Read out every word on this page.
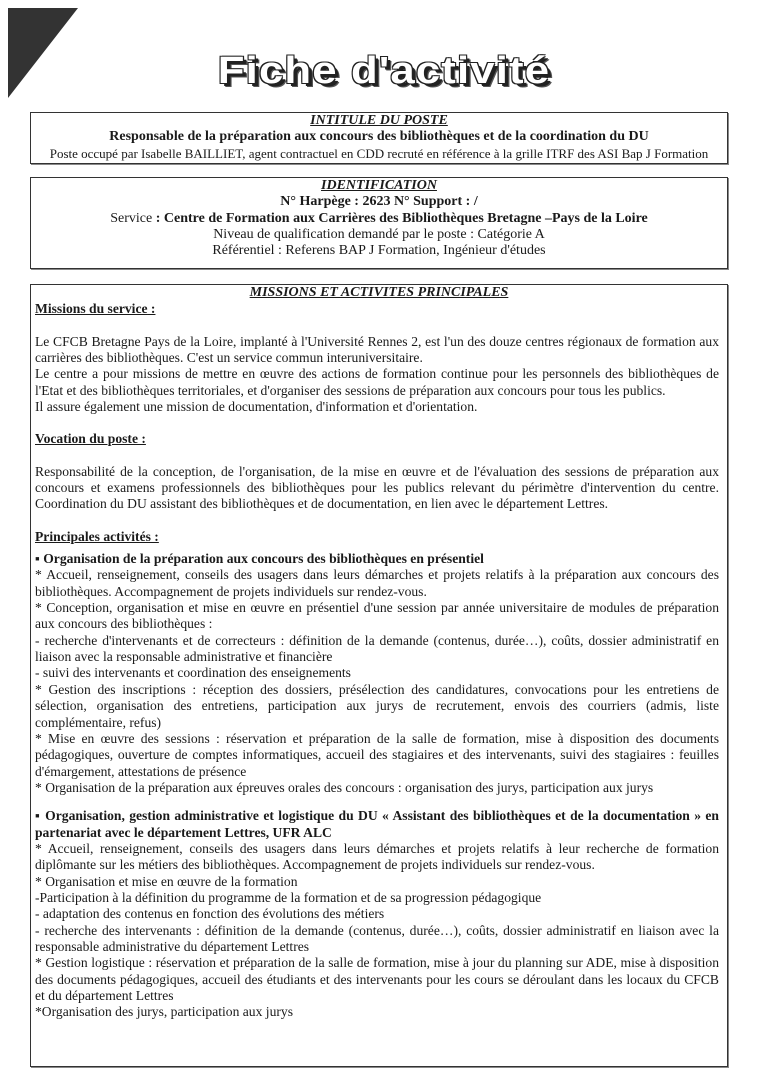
Fiche d'activité
INTITULE DU POSTE
Responsable de la préparation aux concours des bibliothèques et de la coordination du DU
Poste occupé par Isabelle BAILLIET, agent contractuel en CDD recruté en référence à la grille ITRF des ASI Bap J Formation
IDENTIFICATION
N° Harpège : 2623 N° Support : /
Service : Centre de Formation aux Carrières des Bibliothèques Bretagne –Pays de la Loire
Niveau de qualification demandé par le poste : Catégorie A
Référentiel : Referens BAP J Formation, Ingénieur d'études
MISSIONS ET ACTIVITES PRINCIPALES

Missions du service :

Le CFCB Bretagne Pays de la Loire, implanté à l'Université Rennes 2, est l'un des douze centres régionaux de formation aux carrières des bibliothèques. C'est un service commun interuniversitaire.

Le centre a pour missions de mettre en œuvre des actions de formation continue pour les personnels des bibliothèques de l'Etat et des bibliothèques territoriales, et d'organiser des sessions de préparation aux concours pour tous les publics.

Il assure également une mission de documentation, d'information et d'orientation.

Vocation du poste :

Responsabilité de la conception, de l'organisation, de la mise en œuvre et de l'évaluation des sessions de préparation aux concours et examens professionnels des bibliothèques pour les publics relevant du périmètre d'intervention du centre. Coordination du DU assistant des bibliothèques et de documentation, en lien avec le département Lettres.

Principales activités :

▪ Organisation de la préparation aux concours des bibliothèques en présentiel

* Accueil, renseignement, conseils des usagers dans leurs démarches et projets relatifs à la préparation aux concours des bibliothèques. Accompagnement de projets individuels sur rendez-vous.

* Conception, organisation et mise en œuvre en présentiel d'une session par année universitaire de modules de préparation aux concours des bibliothèques :

- recherche d'intervenants et de correcteurs : définition de la demande (contenus, durée…), coûts, dossier administratif en liaison avec la responsable administrative et financière

- suivi des intervenants et coordination des enseignements

* Gestion des inscriptions : réception des dossiers, présélection des candidatures, convocations pour les entretiens de sélection, organisation des entretiens, participation aux jurys de recrutement, envois des courriers (admis, liste complémentaire, refus)

* Mise en œuvre des sessions : réservation et préparation de la salle de formation, mise à disposition des documents pédagogiques, ouverture de comptes informatiques, accueil des stagiaires et des intervenants, suivi des stagiaires : feuilles d'émargement, attestations de présence

* Organisation de la préparation aux épreuves orales des concours : organisation des jurys, participation aux jurys

▪ Organisation, gestion administrative et logistique du DU « Assistant des bibliothèques et de la documentation » en partenariat avec le département Lettres, UFR ALC

* Accueil, renseignement, conseils des usagers dans leurs démarches et projets relatifs à leur recherche de formation diplômante sur les métiers des bibliothèques. Accompagnement de projets individuels sur rendez-vous.

* Organisation et mise en œuvre de la formation

-Participation à la définition du programme de la formation et de sa progression pédagogique

- adaptation des contenus en fonction des évolutions des métiers

- recherche des intervenants : définition de la demande (contenus, durée…), coûts, dossier administratif en liaison avec la responsable administrative du département Lettres

* Gestion logistique : réservation et préparation de la salle de formation, mise à jour du planning sur ADE, mise à disposition des documents pédagogiques, accueil des étudiants et des intervenants pour les cours se déroulant dans les locaux du CFCB et du département Lettres

*Organisation des jurys, participation aux jurys
